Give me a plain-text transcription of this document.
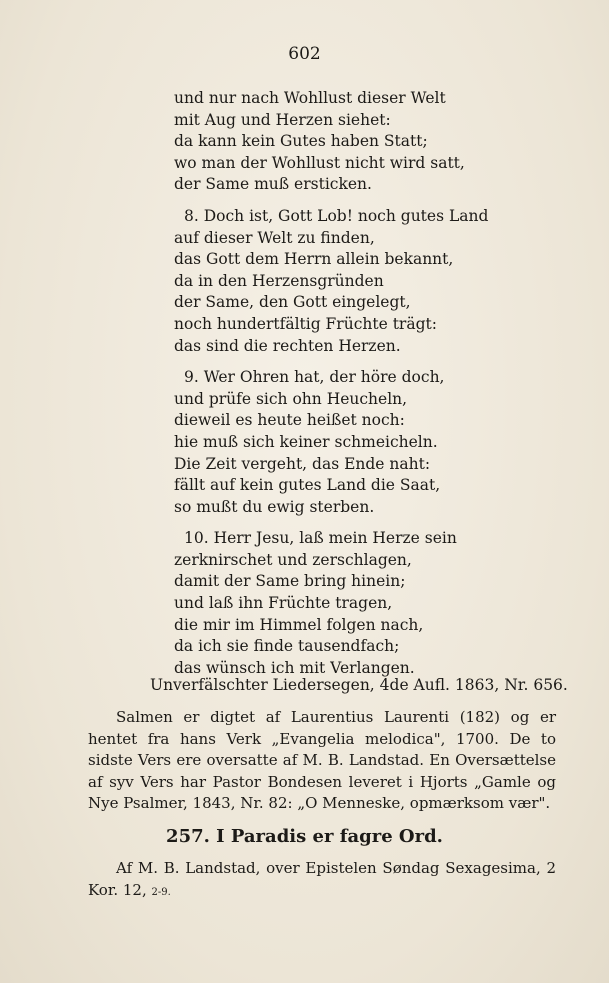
602
und nur nach Wohllust dieser Welt
mit Aug und Herzen siehet:
da kann kein Gutes haben Statt;
wo man der Wohllust nicht wird satt,
der Same muß ersticken.
8. Doch ist, Gott Lob! noch gutes Land
auf dieser Welt zu finden,
das Gott dem Herrn allein bekannt,
da in den Herzensgründen
der Same, den Gott eingelegt,
noch hundertfältig Früchte trägt:
das sind die rechten Herzen.
9. Wer Ohren hat, der höre doch,
und prüfe sich ohn Heucheln,
dieweil es heute heißet noch:
hie muß sich keiner schmeicheln.
Die Zeit vergeht, das Ende naht:
fällt auf kein gutes Land die Saat,
so mußt du ewig sterben.
10. Herr Jesu, laß mein Herze sein
zerknirschet und zerschlagen,
damit der Same bring hinein;
und laß ihn Früchte tragen,
die mir im Himmel folgen nach,
da ich sie finde tausendfach;
das wünsch ich mit Verlangen.
Unverfälschter Liedersegen, 4de Aufl. 1863, Nr. 656.
Salmen er digtet af Laurentius Laurenti (182) og er hentet fra hans Verk „Evangelia melodica", 1700. De to sidste Vers ere oversatte af M. B. Landstad. En Oversættelse af syv Vers har Pastor Bondesen leveret i Hjorts „Gamle og Nye Psalmer, 1843, Nr. 82: „O Menneske, opmærksom vær".
257. I Paradis er fagre Ord.
Af M. B. Landstad, over Epistelen Søndag Sexagesima, 2 Kor. 12, 2-9.
